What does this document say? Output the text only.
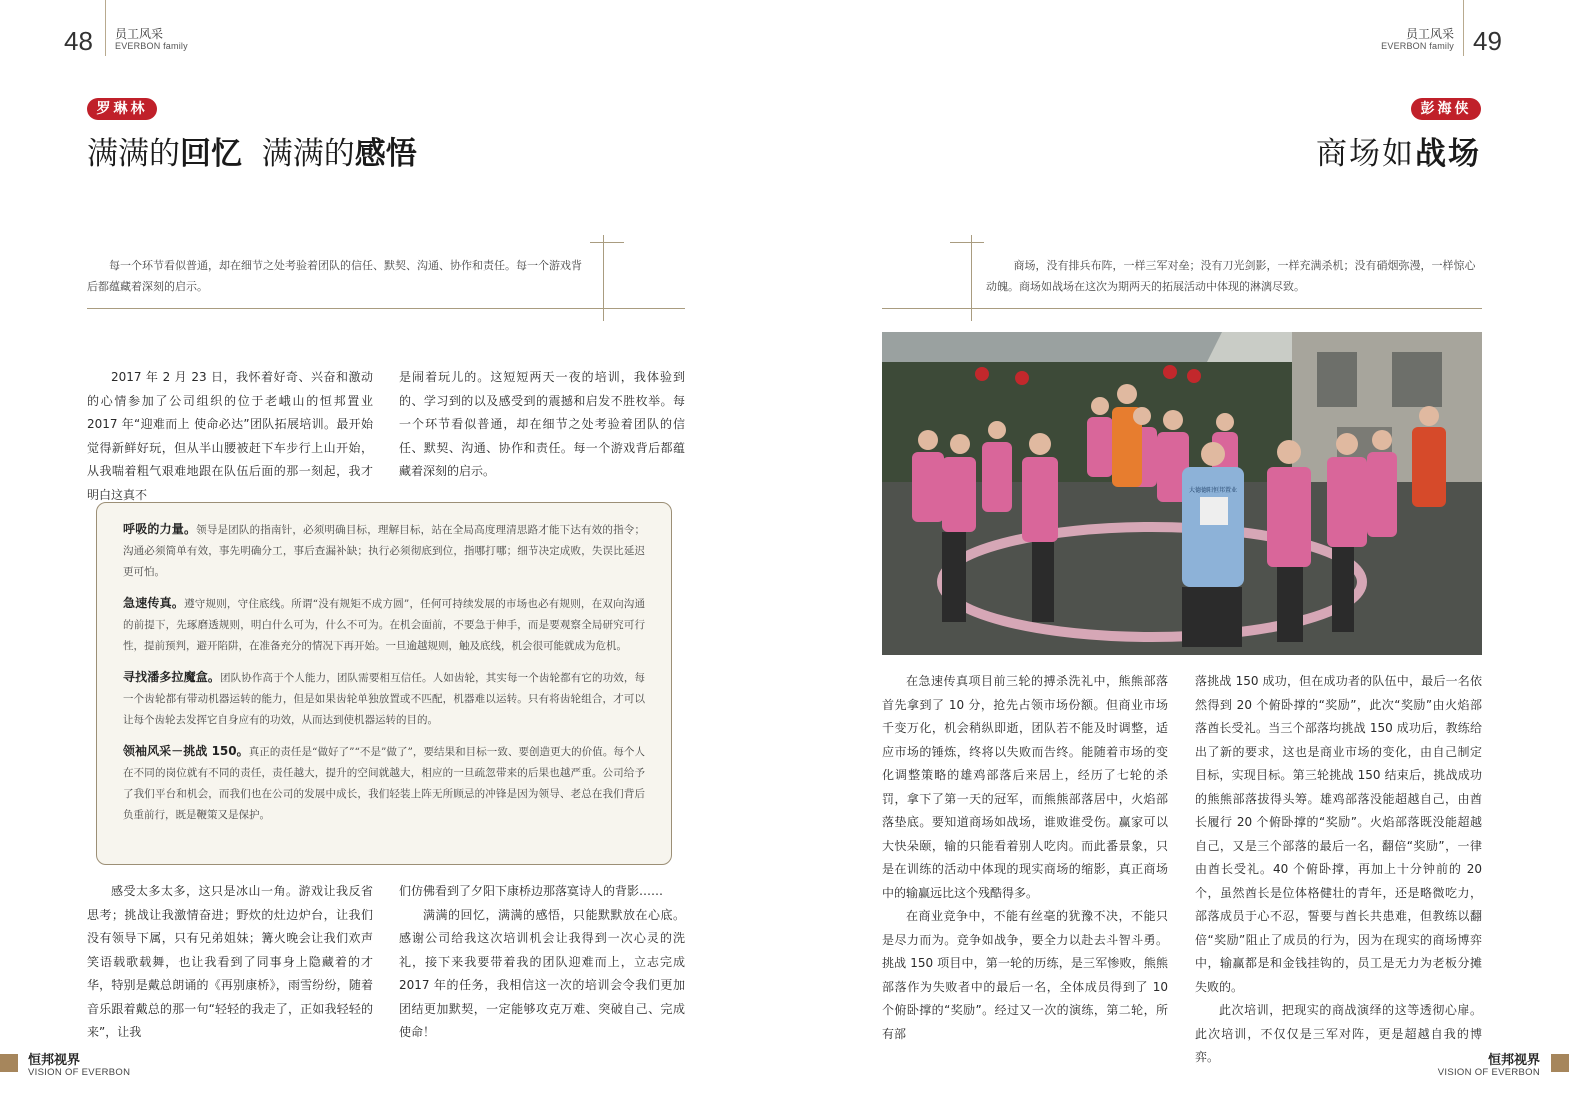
48 员工风采
EVERBON family
罗琳林
满满的回忆  满满的感悟
每一个环节看似普通，却在细节之处考验着团队的信任、默契、沟通、协作和责任。每一个游戏背后都蕴藏着深刻的启示。

2017 年 2 月 23 日，我怀着好奇、兴奋和激动的心情参加了公司组织的位于老峨山的恒邦置业 2017 年“迎难而上 使命必达”团队拓展培训。最开始觉得新鲜好玩，但从半山腰被赶下车步行上山开始，从我喘着粗气艰难地跟在队伍后面的那一刻起，我才明白这真不

是闹着玩儿的。这短短两天一夜的培训，我体验到的、学习到的以及感受到的震撼和启发不胜枚举。每一个环节看似普通，却在细节之处考验着团队的信任、默契、沟通、协作和责任。每一个游戏背后都蕴藏着深刻的启示。

呼吸的力量。领导是团队的指南针，必须明确目标，理解目标，站在全局高度理清思路才能下达有效的指令；沟通必须简单有效，事先明确分工，事后查漏补缺；执行必须彻底到位，指哪打哪；细节决定成败，失误比延迟更可怕。

急速传真。遵守规则，守住底线。所谓“没有规矩不成方圆”，任何可持续发展的市场也必有规则，在双向沟通的前提下，先琢磨透规则，明白什么可为，什么不可为。在机会面前，不要急于伸手，而是要观察全局研究可行性，提前预判，避开陷阱，在准备充分的情况下再开始。一旦逾越规则，触及底线，机会很可能就成为危机。

寻找潘多拉魔盒。团队协作高于个人能力，团队需要相互信任。人如齿轮，其实每一个齿轮都有它的功效，每一个齿轮都有带动机器运转的能力，但是如果齿轮单独放置或不匹配，机器难以运转。只有将齿轮组合，才可以让每个齿轮去发挥它自身应有的功效，从而达到使机器运转的目的。

领袖风采－挑战 150。真正的责任是“做好了”“不是”做了”，要结果和目标一致、要创造更大的价值。每个人在不同的岗位就有不同的责任，责任越大，提升的空间就越大，相应的一旦疏忽带来的后果也越严重。公司给予了我们平台和机会，而我们也在公司的发展中成长，我们轻装上阵无所顾忌的冲锋是因为领导、老总在我们背后负重前行，既是鞭策又是保护。

感受太多太多，这只是冰山一角。游戏让我反省思考；挑战让我激情奋进；野炊的灶边炉台，让我们没有领导下属，只有兄弟姐妹；篝火晚会让我们欢声笑语载歌载舞，也让我看到了同事身上隐藏着的才华，特别是戴总朗诵的《再别康桥》，雨雪纷纷，随着音乐跟着戴总的那一句“轻轻的我走了，正如我轻轻的来”，让我

们仿佛看到了夕阳下康桥边那落寞诗人的背影……

满满的回忆，满满的感悟，只能默默放在心底。感谢公司给我这次培训机会让我得到一次心灵的洗礼，接下来我要带着我的团队迎难而上，立志完成 2017 年的任务，我相信这一次的培训会令我们更加团结更加默契，一定能够攻克万难、突破自己、完成使命！

恒邦视界
VISION OF EVERBON
员工风采
EVERBON family 49
彭海侠
商场如战场
商场，没有排兵布阵，一样三军对垒；没有刀光剑影，一样充满杀机；没有硝烟弥漫，一样惊心动魄。商场如战场在这次为期两天的拓展活动中体现的淋漓尽致。
大德德阳恒邦置业

在急速传真项目前三轮的搏杀洗礼中，熊熊部落首先拿到了 10 分，抢先占领市场份额。但商业市场千变万化，机会稍纵即逝，团队若不能及时调整，适应市场的锤炼，终将以失败而告终。能随着市场的变化调整策略的雄鸡部落后来居上，经历了七轮的杀罚，拿下了第一天的冠军，而熊熊部落居中，火焰部落垫底。要知道商场如战场，谁败谁受伤。赢家可以大快朵颐，输的只能看着别人吃肉。而此番景象，只是在训练的活动中体现的现实商场的缩影，真正商场中的输赢远比这个残酷得多。

在商业竞争中，不能有丝毫的犹豫不决，不能只是尽力而为。竞争如战争，要全力以赴去斗智斗勇。挑战 150 项目中，第一轮的历练，是三军惨败，熊熊部落作为失败者中的最后一名，全体成员得到了 10 个俯卧撑的“奖励”。经过又一次的演练，第二轮，所有部

落挑战 150 成功，但在成功者的队伍中，最后一名依然得到 20 个俯卧撑的“奖励”，此次“奖励”由火焰部落酋长受礼。当三个部落均挑战 150 成功后，教练给出了新的要求，这也是商业市场的变化，由自己制定目标，实现目标。第三轮挑战 150 结束后，挑战成功的熊熊部落拔得头筹。雄鸡部落没能超越自己，由酋长履行 20 个俯卧撑的“奖励”。火焰部落既没能超越自己，又是三个部落的最后一名，翻倍“奖励”，一律由酋长受礼。40 个俯卧撑，再加上十分钟前的 20 个，虽然酋长是位体格健壮的青年，还是略微吃力，部落成员于心不忍，誓要与酋长共患难，但教练以翻倍“奖励”阻止了成员的行为，因为在现实的商场博弈中，输赢都是和金钱挂钩的，员工是无力为老板分摊失败的。

此次培训，把现实的商战演绎的这等透彻心扉。此次培训，不仅仅是三军对阵，更是超越自我的博弈。	恒邦视界
VISION OF EVERBON
